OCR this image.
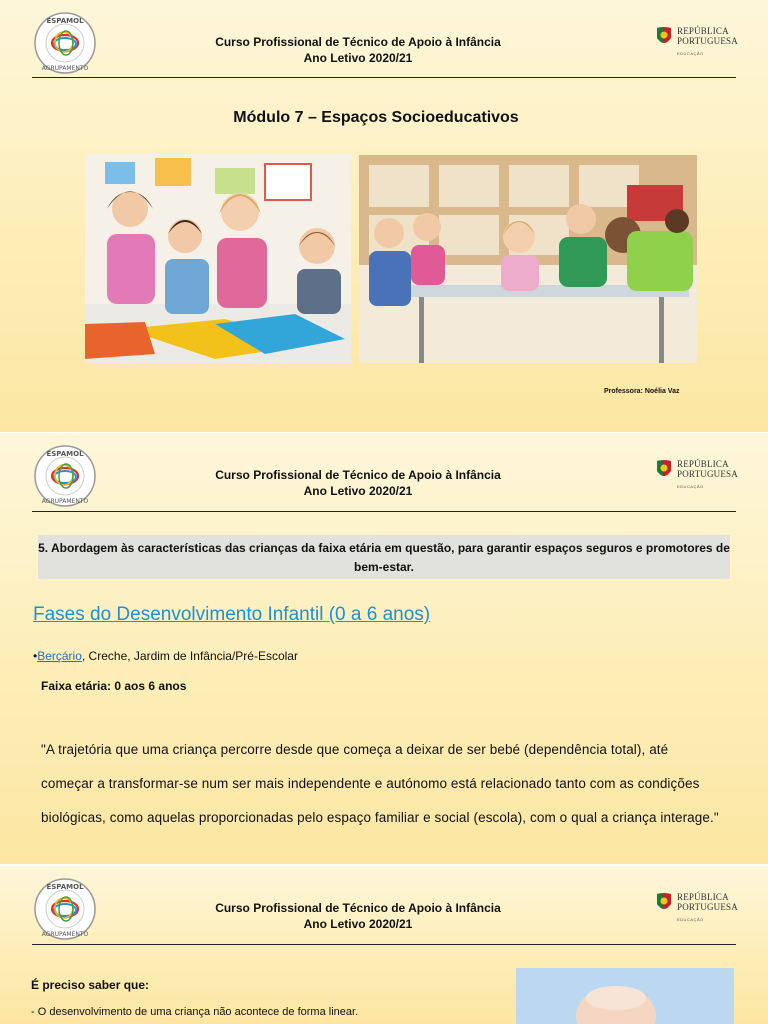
ESPAMOL
AGRUPAMENTO
Curso Profissional de Técnico de Apoio à Infância
Ano Letivo 2020/21
REPÚBLICA PORTUGUESA
EDUCAÇÃO
Módulo 7 – Espaços Socioeducativos
Professora: Noélia Vaz
ESPAMOL
AGRUPAMENTO
Curso Profissional de Técnico de Apoio à Infância
Ano Letivo 2020/21
REPÚBLICA PORTUGUESA
EDUCAÇÃO
5. Abordagem às características das crianças da faixa etária em questão, para garantir espaços seguros e promotores de bem-estar.
Fases do Desenvolvimento Infantil (0 a 6 anos)
•Berçário, Creche, Jardim de Infância/Pré-Escolar
Faixa etária: 0 aos 6 anos
"A trajetória que uma criança percorre desde que começa a deixar de ser bebé (dependência total), até começar a transformar-se num ser mais independente e autónomo está relacionado tanto com as condições biológicas, como aquelas proporcionadas pelo espaço familiar e social (escola), com o qual a criança interage."
ESPAMOL
AGRUPAMENTO
Curso Profissional de Técnico de Apoio à Infância
Ano Letivo 2020/21
REPÚBLICA PORTUGUESA
EDUCAÇÃO
É preciso saber que:
- O desenvolvimento de uma criança não acontece de forma linear.
